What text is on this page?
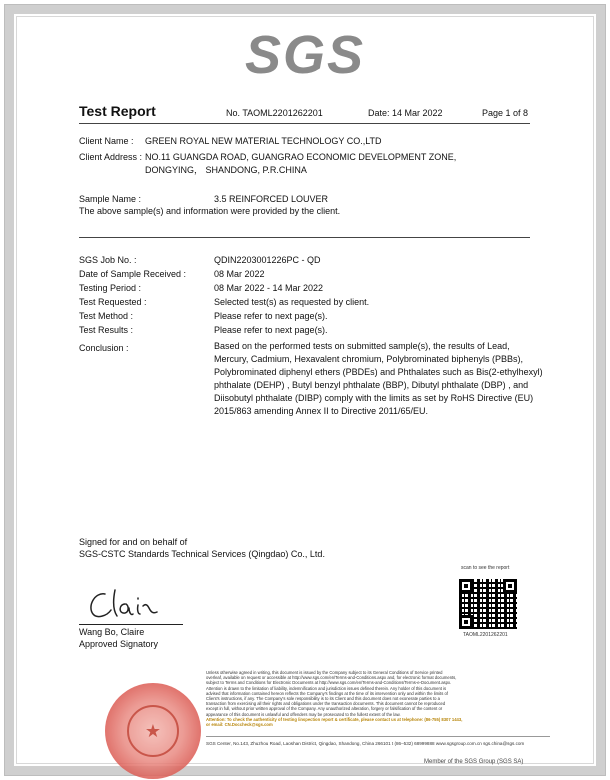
SGS
Test Report	No. TAOML2201262201	Date: 14 Mar 2022	Page 1 of 8
Client Name : GREEN ROYAL NEW MATERIAL TECHNOLOGY CO.,LTD
Client Address : NO.11 GUANGDA ROAD, GUANGRAO ECONOMIC DEVELOPMENT ZONE,
DONGYING， SHANDONG, P.R.CHINA
Sample Name :	3.5 REINFORCED LOUVER
The above sample(s) and information were provided by the client.
SGS Job No. :	QDIN2203001226PC - QD
Date of Sample Received :	08 Mar 2022
Testing Period :	08 Mar 2022 - 14 Mar 2022
Test Requested :	Selected test(s) as requested by client.
Test Method :	Please refer to next page(s).
Test Results :	Please refer to next page(s).
Conclusion :	Based on the performed tests on submitted sample(s), the results of Lead,
Mercury, Cadmium, Hexavalent chromium, Polybrominated biphenyls (PBBs),
Polybrominated diphenyl ethers (PBDEs) and Phthalates such as Bis(2-ethylhexyl)
phthalate (DEHP) , Butyl benzyl phthalate (BBP), Dibutyl phthalate (DBP) , and
Diisobutyl phthalate (DIBP) comply with the limits as set by RoHS Directive (EU)
2015/863 amending Annex II to Directive 2011/65/EU.
Signed for and on behalf of
SGS-CSTC Standards Technical Services (Qingdao) Co., Ltd.
Wang Bo, Claire
Approved Signatory
scan to see the report
TAOML2201262201
★
Unless otherwise agreed in writing, this document is issued by the Company subject to its General Conditions of Service printed
overleaf, available on request or accessible at http://www.sgs.com/en/Terms-and-Conditions.aspx and, for electronic format documents,
subject to Terms and Conditions for Electronic Documents at http://www.sgs.com/en/Terms-and-Conditions/Terms-e-Document.aspx.
Attention is drawn to the limitation of liability, indemnification and jurisdiction issues defined therein. Any holder of this document is
advised that information contained hereon reflects the Company's findings at the time of its intervention only and within the limits of
Client's instructions, if any. The Company's sole responsibility is to its Client and this document does not exonerate parties to a
transaction from exercising all their rights and obligations under the transaction documents. This document cannot be reproduced
except in full, without prior written approval of the Company. Any unauthorized alteration, forgery or falsification of the content or
appearance of this document is unlawful and offenders may be prosecuted to the fullest extent of the law.
Attention: To check the authenticity of testing /inspection report & certificate, please contact us at telephone: (86-755) 8307 1443,
or email: CN.Doccheck@sgs.com
SGS Center, No.143, Zhuzhou Road, Laoshan District, Qingdao, Shandong, China 266101 t (86–532) 68999888 www.sgsgroup.com.cn sgs.china@sgs.com
Member of the SGS Group (SGS SA)
